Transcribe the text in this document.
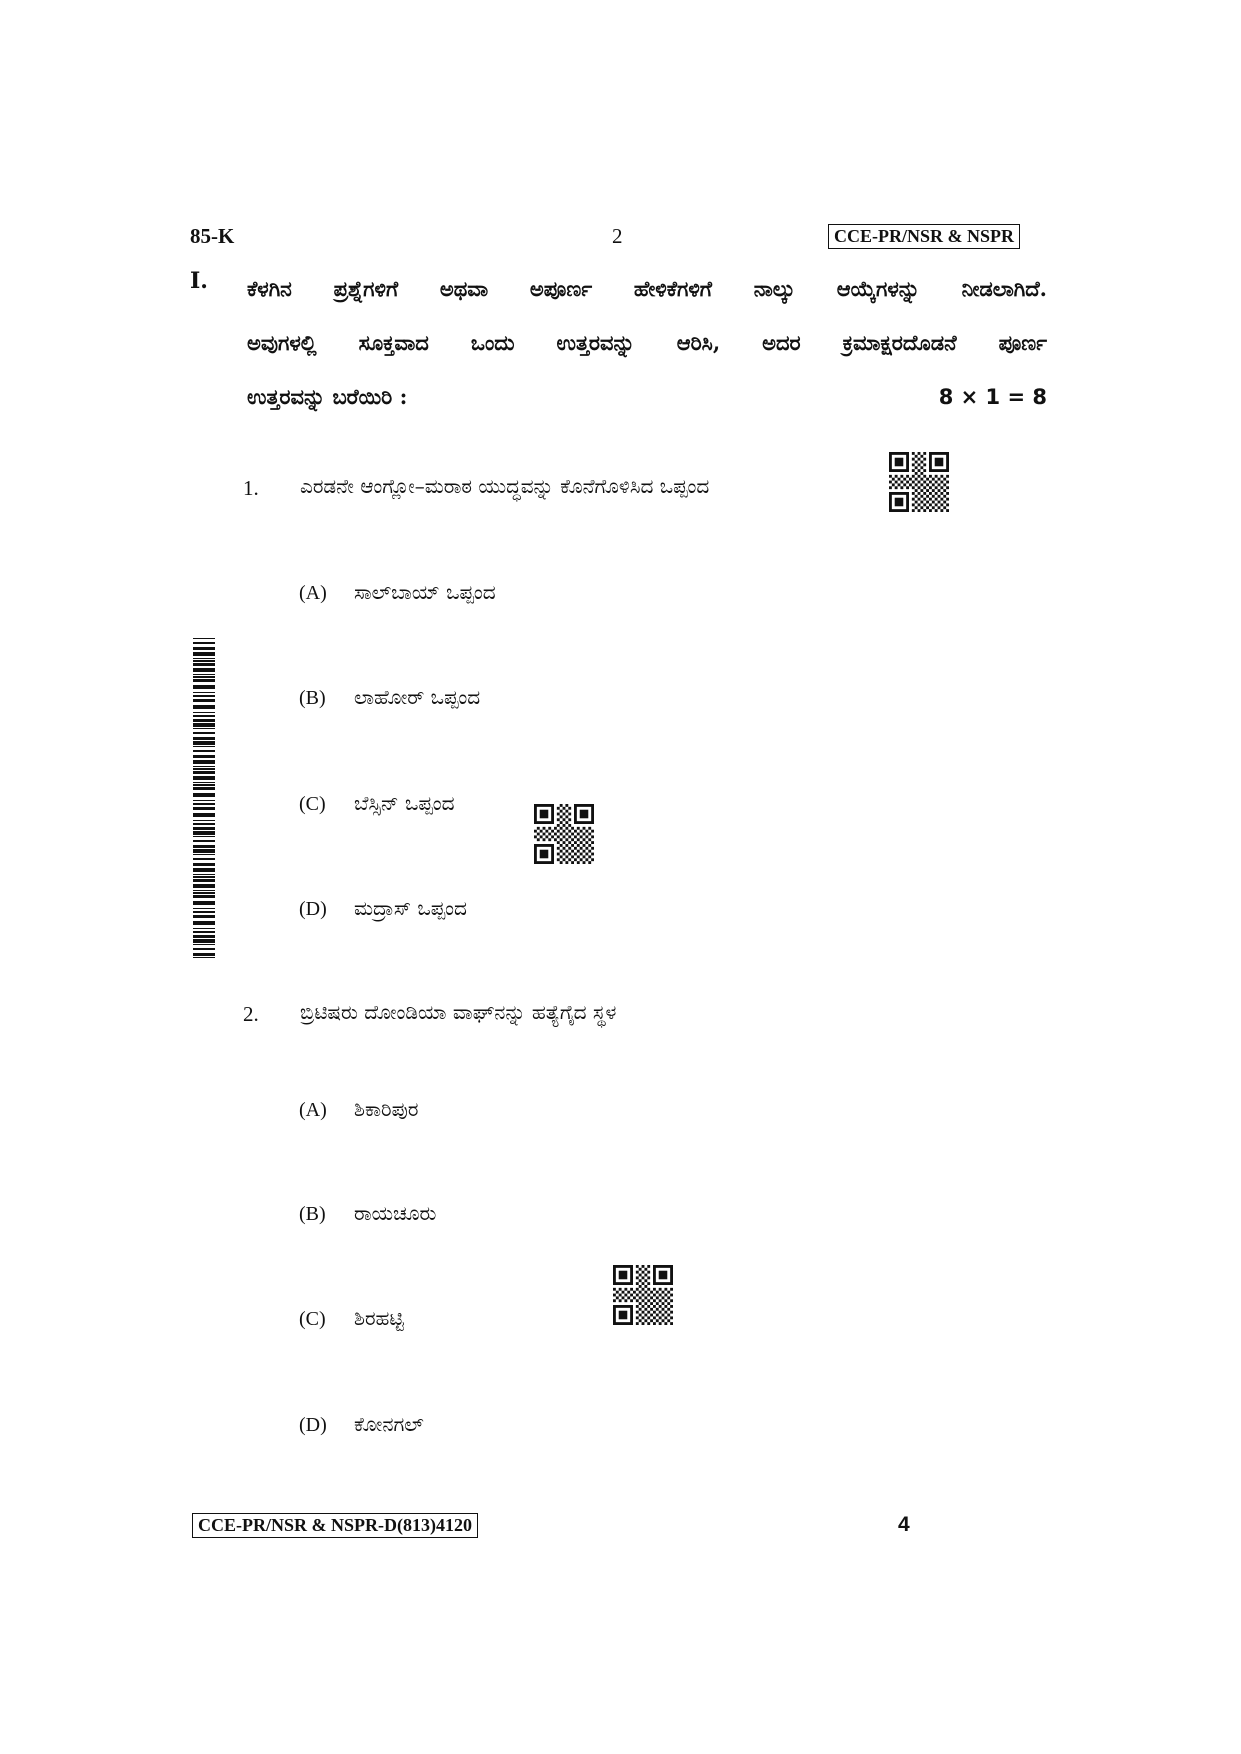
85-K	2	CCE-PR/NSR & NSPR
I. ಕೆಳಗಿನ ಪ್ರಶ್ನೆಗಳಿಗೆ ಅಥವಾ ಅಪೂರ್ಣ ಹೇಳಿಕೆಗಳಿಗೆ ನಾಲ್ಕು ಆಯ್ಕೆಗಳನ್ನು ನೀಡಲಾಗಿದೆ.
ಅವುಗಳಲ್ಲಿ ಸೂಕ್ತವಾದ ಒಂದು ಉತ್ತರವನ್ನು ಆರಿಸಿ, ಅದರ ಕ್ರಮಾಕ್ಷರದೊಡನೆ ಪೂರ್ಣ
ಉತ್ತರವನ್ನು ಬರೆಯಿರಿ :	8 × 1 = 8
1. ಎರಡನೇ ಆಂಗ್ಲೋ–ಮರಾಠ ಯುದ್ಧವನ್ನು ಕೊನೆಗೊಳಿಸಿದ ಒಪ್ಪಂದ
(A) ಸಾಲ್‌ಬಾಯ್ ಒಪ್ಪಂದ
(B) ಲಾಹೋರ್ ಒಪ್ಪಂದ
(C) ಬೆಸ್ಸಿನ್ ಒಪ್ಪಂದ
(D) ಮದ್ರಾಸ್ ಒಪ್ಪಂದ
2. ಬ್ರಿಟಿಷರು ದೋಂಡಿಯಾ ವಾಘ್‌ನನ್ನು ಹತ್ಯೆಗೈದ ಸ್ಥಳ
(A) ಶಿಕಾರಿಪುರ
(B) ರಾಯಚೂರು
(C) ಶಿರಹಟ್ಟಿ
(D) ಕೋನಗಲ್
CCE-PR/NSR & NSPR-D(813)4120	4
